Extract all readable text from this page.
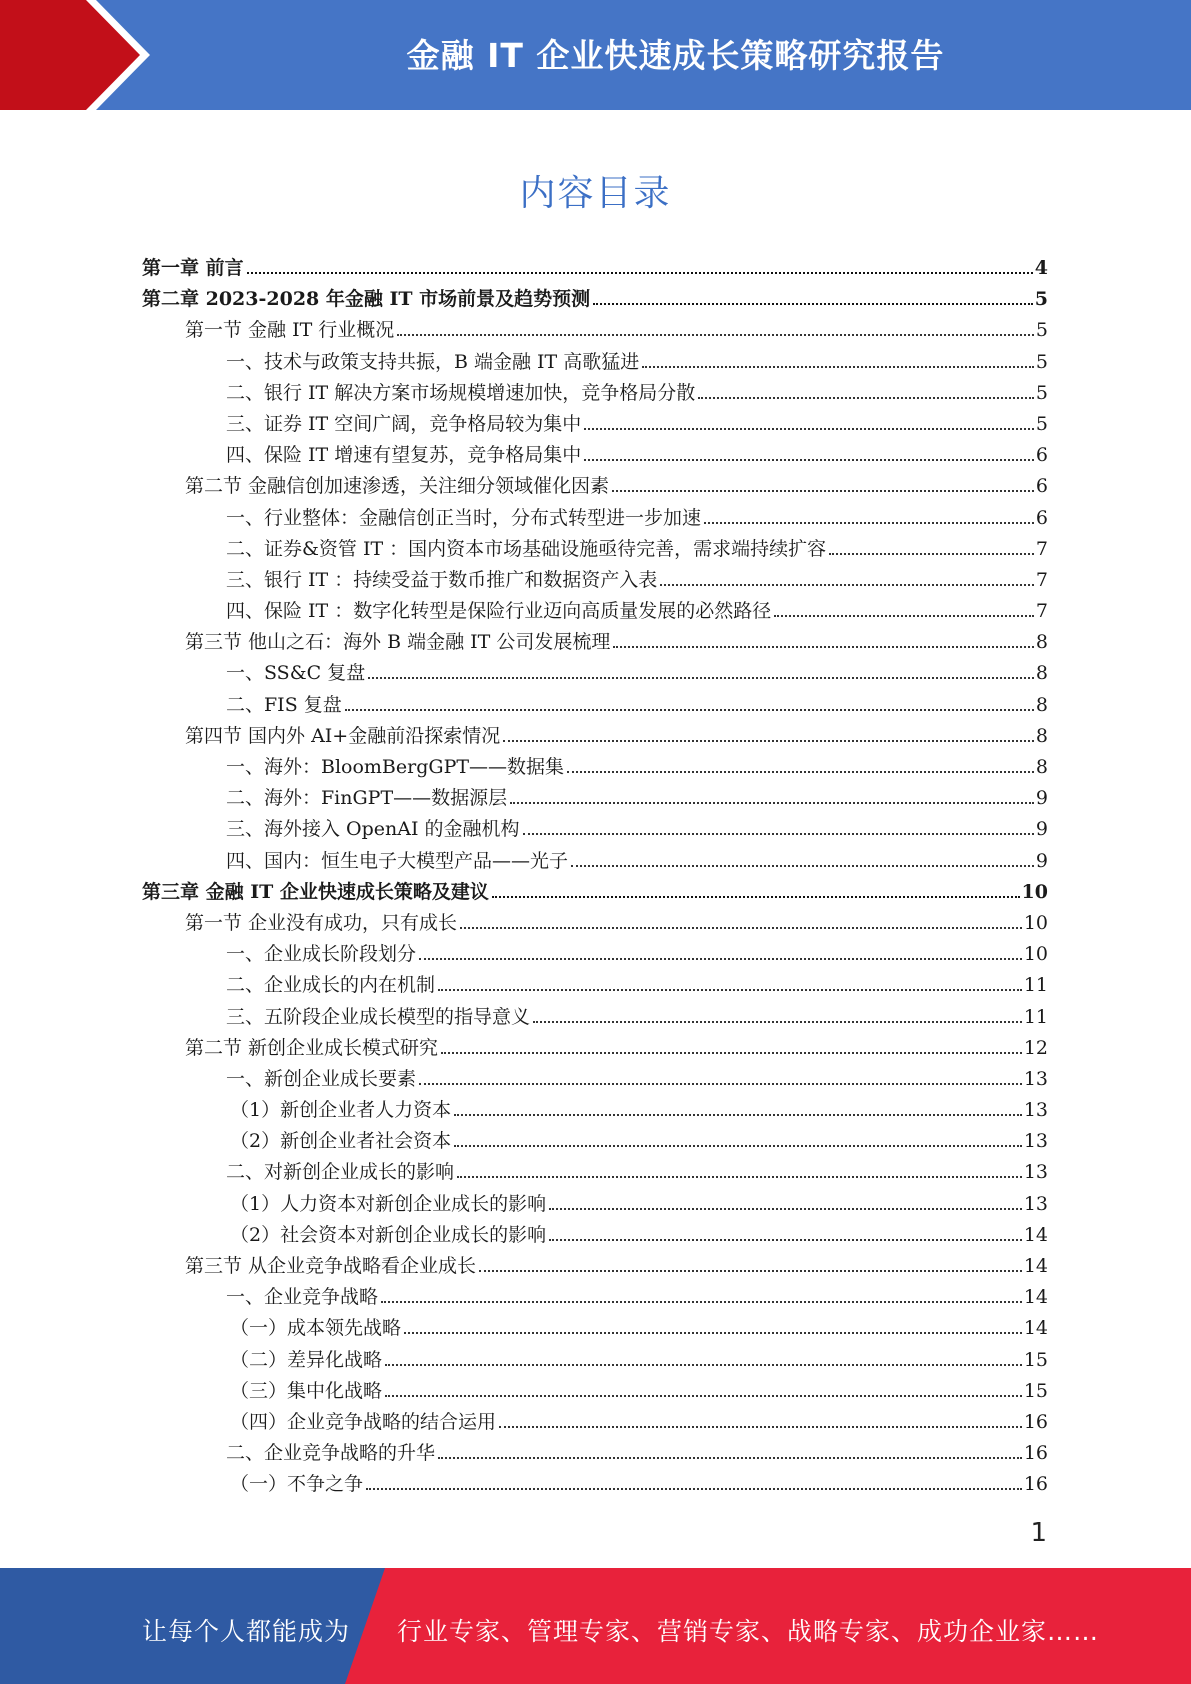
金融 IT 企业快速成长策略研究报告
内容目录
第一章 前言	4
第二章 2023-2028 年金融 IT 市场前景及趋势预测	5
第一节 金融 IT 行业概况	5
一、技术与政策支持共振，B 端金融 IT 高歌猛进	5
二、银行 IT 解决方案市场规模增速加快，竞争格局分散	5
三、证券 IT 空间广阔，竞争格局较为集中	5
四、保险 IT 增速有望复苏，竞争格局集中	6
第二节 金融信创加速渗透，关注细分领域催化因素	6
一、行业整体：金融信创正当时，分布式转型进一步加速	6
二、证券&资管 IT ：国内资本市场基础设施亟待完善，需求端持续扩容	7
三、银行 IT ：持续受益于数币推广和数据资产入表	7
四、保险 IT ：数字化转型是保险行业迈向高质量发展的必然路径	7
第三节 他山之石：海外 B 端金融 IT 公司发展梳理	8
一、SS&C 复盘	8
二、FIS 复盘	8
第四节 国内外 AI+金融前沿探索情况	8
一、海外：BloomBergGPT——数据集	8
二、海外：FinGPT——数据源层	9
三、海外接入 OpenAI 的金融机构	9
四、国内：恒生电子大模型产品——光子	9
第三章 金融 IT 企业快速成长策略及建议	10
第一节 企业没有成功，只有成长	10
一、企业成长阶段划分	10
二、企业成长的内在机制	11
三、五阶段企业成长模型的指导意义	11
第二节 新创企业成长模式研究	12
一、新创企业成长要素	13
（1）新创企业者人力资本	13
（2）新创企业者社会资本	13
二、对新创企业成长的影响	13
（1）人力资本对新创企业成长的影响	13
（2）社会资本对新创企业成长的影响	14
第三节 从企业竞争战略看企业成长	14
一、企业竞争战略	14
（一）成本领先战略	14
（二）差异化战略	15
（三）集中化战略	15
（四）企业竞争战略的结合运用	16
二、企业竞争战略的升华	16
（一）不争之争	16
1
让每个人都能成为 行业专家、管理专家、营销专家、战略专家、成功企业家……
